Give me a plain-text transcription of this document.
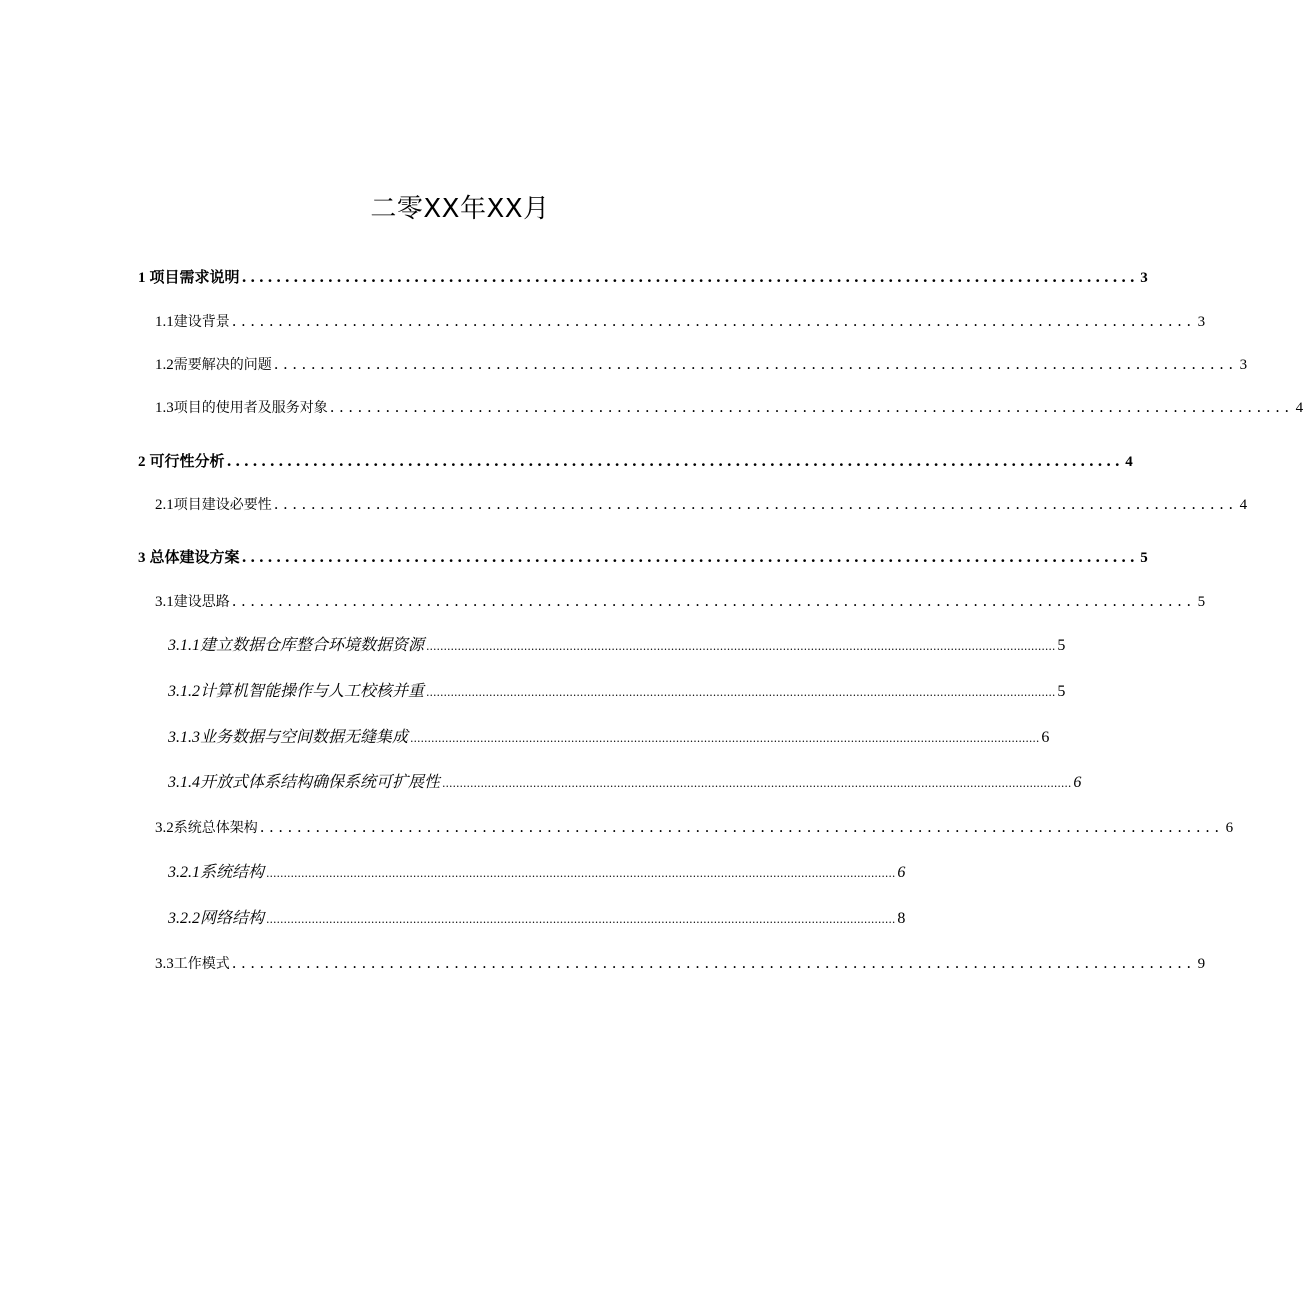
二零XX年XX月
1 项目需求说明 ........................................................................................................ 3
1.1 建设背景 ........................................................................................................ 3
1.2 需要解决的问题 ........................................................................................................ 3
1.3 项目的使用者及服务对象 ........................................................................................................ 4
2 可行性分析 ........................................................................................................ 4
2.1 项目建设必要性 ........................................................................................................ 4
3 总体建设方案 ........................................................................................................ 5
3.1 建设思路 ........................................................................................................ 5
3.1.1 建立数据仓库整合环境数据资源 .................................................................................................................................................................................... 5
3.1.2 计算机智能操作与人工校核并重 .................................................................................................................................................................................... 5
3.1.3 业务数据与空间数据无缝集成 .................................................................................................................................................................................... 6
3.1.4 开放式体系结构确保系统可扩展性 .................................................................................................................................................................................... 6
3.2 系统总体架构 ........................................................................................................ 6
3.2.1 系统结构 .................................................................................................................................................................................... 6
3.2.2 网络结构 .................................................................................................................................................................................... 8
3.3 工作模式 ........................................................................................................ 9
